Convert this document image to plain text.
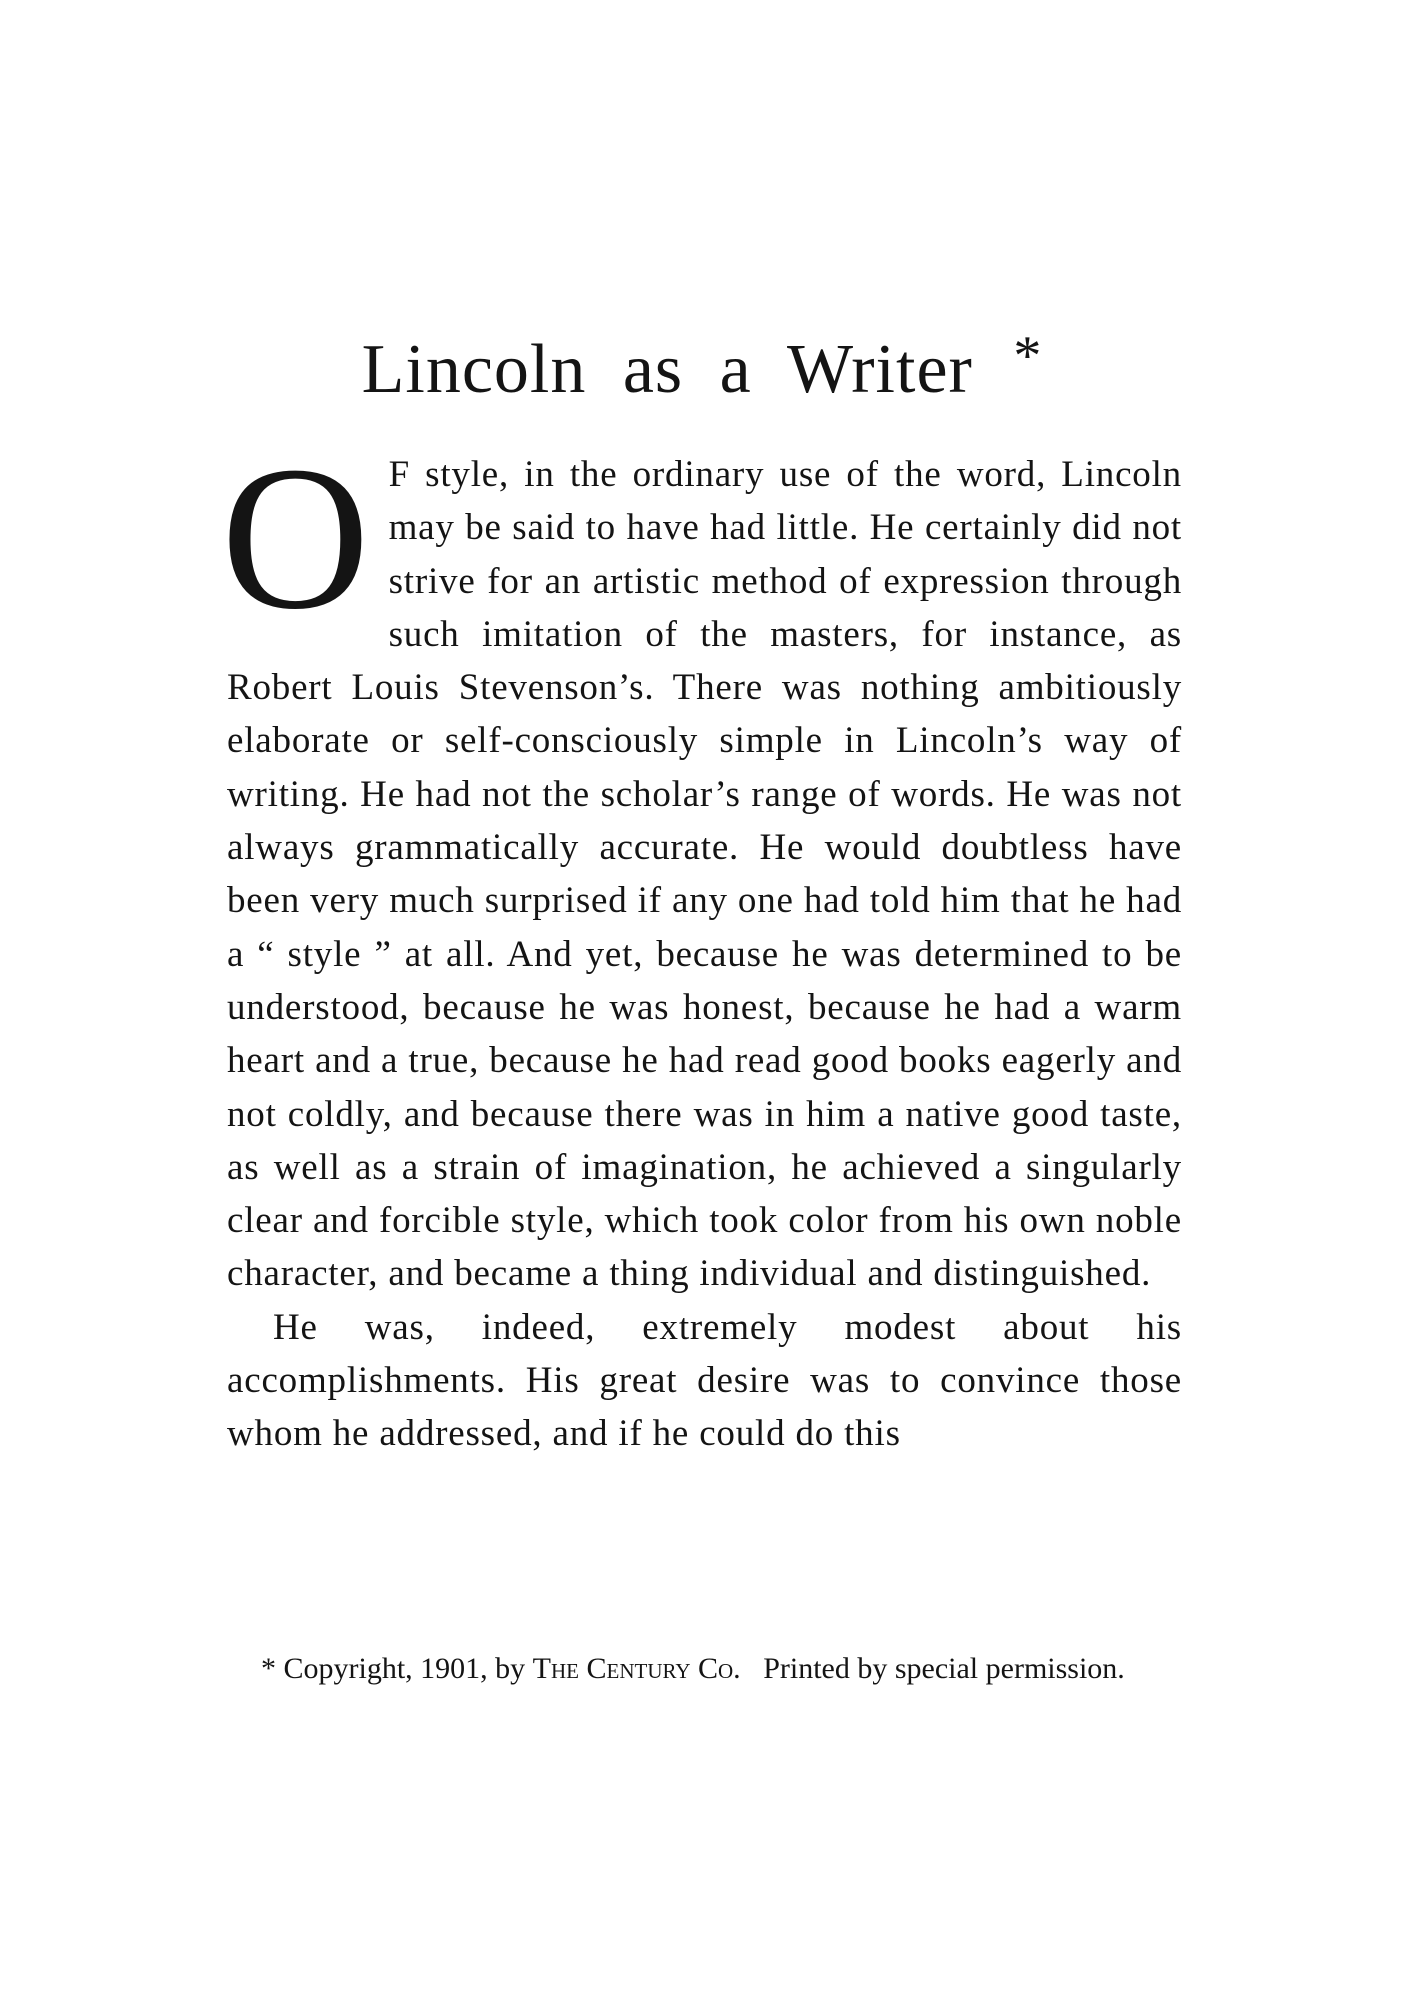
Lincoln as a Writer *

O F style, in the ordinary use of the word, Lincoln may be said to have had little. He certainly did not strive for an artistic method of expression through such imitation of the masters, for instance, as Robert Louis Stevenson’s. There was nothing ambitiously elaborate or self-consciously simple in Lincoln’s way of writing. He had not the scholar’s range of words. He was not always grammatically accurate. He would doubtless have been very much surprised if any one had told him that he had a “ style ” at all. And yet, because he was determined to be understood, because he was honest, because he had a warm heart and a true, because he had read good books eagerly and not coldly, and because there was in him a native good taste, as well as a strain of imagination, he achieved a singularly clear and forcible style, which took color from his own noble character, and became a thing individual and distinguished.

He was, indeed, extremely modest about his accomplishments. His great desire was to convince those whom he addressed, and if he could do this

* Copyright, 1901, by The Century Co. Printed by special permission.
